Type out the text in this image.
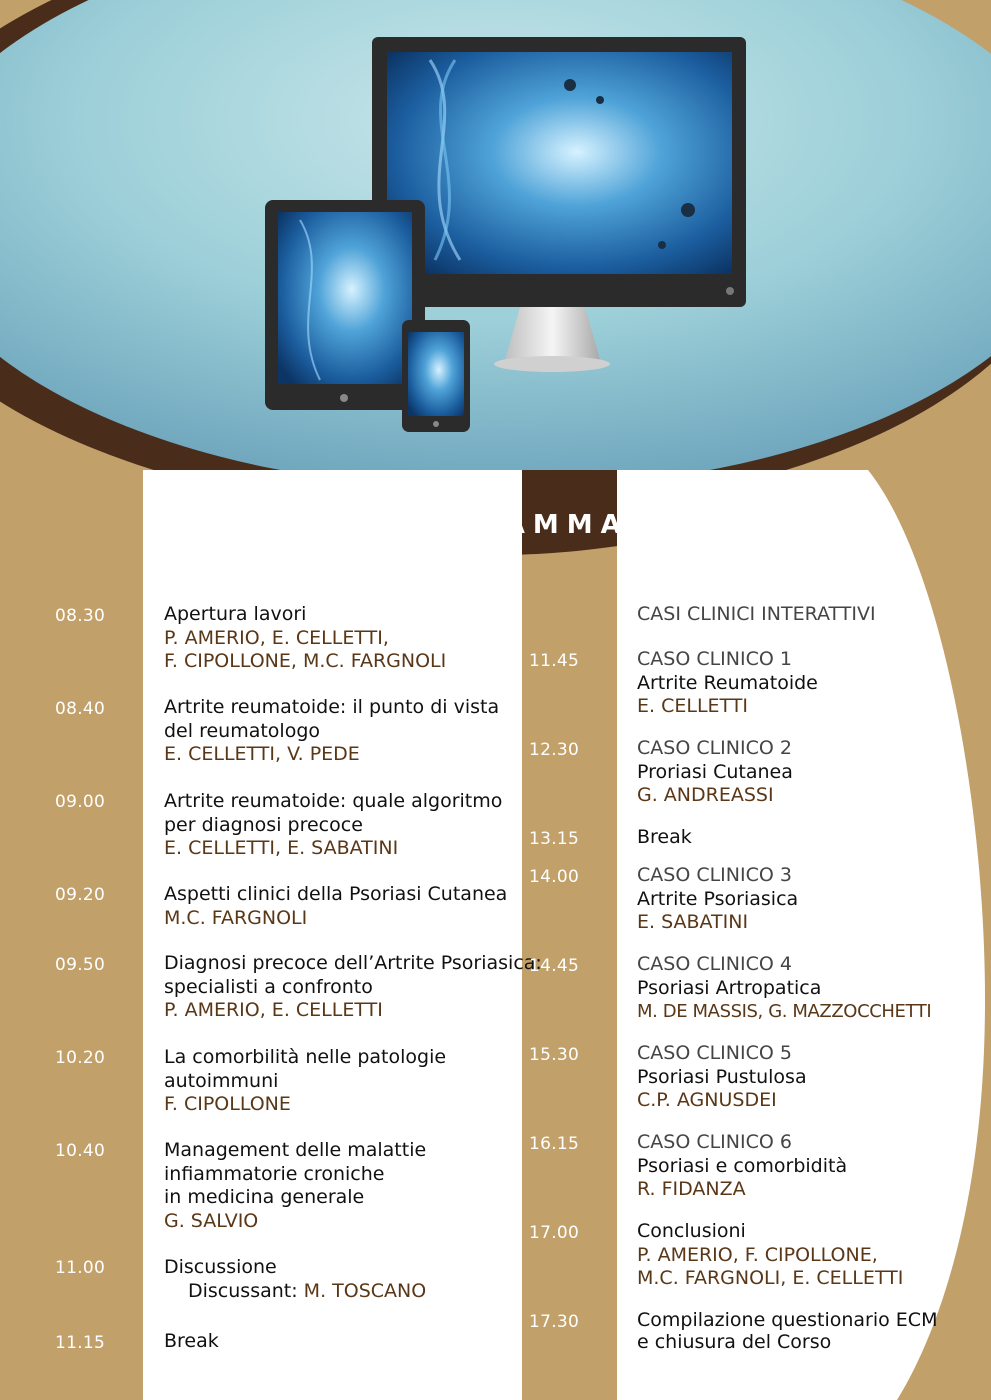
PROGRAMMA
08.30	Apertura lavori
P. AMERIO, E. CELLETTI,
F. CIPOLLONE, M.C. FARGNOLI
08.40	Artrite reumatoide: il punto di vista
del reumatologo
E. CELLETTI, V. PEDE
09.00	Artrite reumatoide: quale algoritmo
per diagnosi precoce
E. CELLETTI, E. SABATINI
09.20	Aspetti clinici della Psoriasi Cutanea
M.C. FARGNOLI
09.50	Diagnosi precoce dell’Artrite Psoriasica:
specialisti a confronto
P. AMERIO, E. CELLETTI
10.20	La comorbilità nelle patologie
autoimmuni
F. CIPOLLONE
10.40	Management delle malattie
infiammatorie croniche
in medicina generale
G. SALVIO
11.00	Discussione
Discussant: M. TOSCANO
11.15	Break
CASI CLINICI INTERATTIVI
11.45	CASO CLINICO 1
Artrite Reumatoide
E. CELLETTI
12.30	CASO CLINICO 2
Proriasi Cutanea
G. ANDREASSI
13.15	Break
14.00	CASO CLINICO 3
Artrite Psoriasica
E. SABATINI
14.45	CASO CLINICO 4
Psoriasi Artropatica
M. DE MASSIS, G. MAZZOCCHETTI
15.30	CASO CLINICO 5
Psoriasi Pustulosa
C.P. AGNUSDEI
16.15	CASO CLINICO 6
Psoriasi e comorbidità
R. FIDANZA
17.00	Conclusioni
P. AMERIO, F. CIPOLLONE,
M.C. FARGNOLI, E. CELLETTI
17.30	Compilazione questionario ECM
e chiusura del Corso
